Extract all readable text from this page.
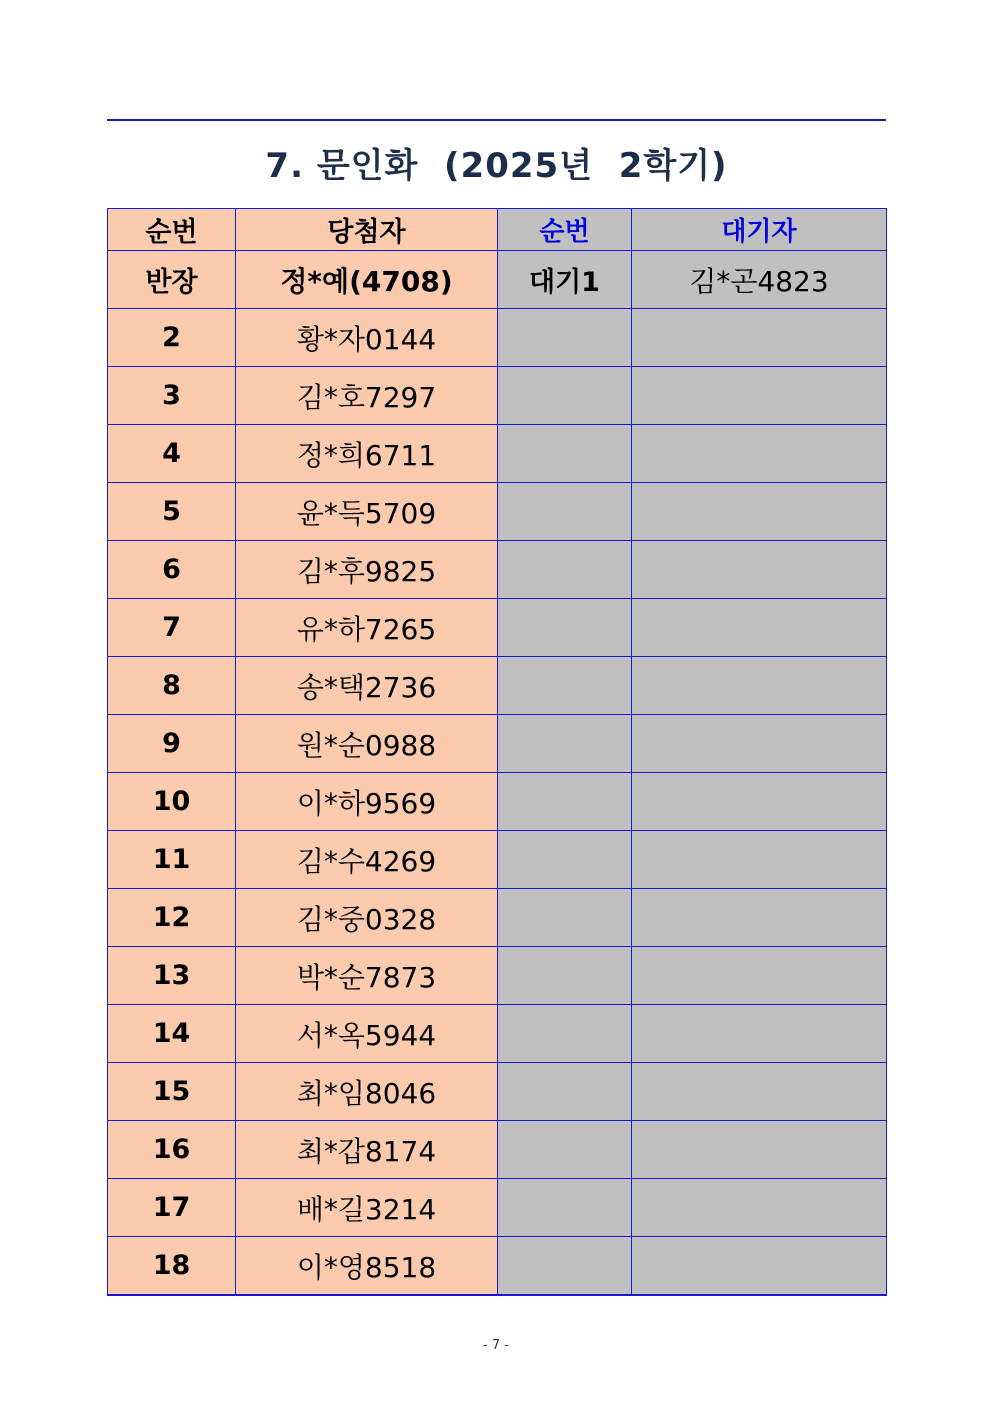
7. 문인화  (2025년  2학기)
순번	당첨자	순번	대기자
반장	정*예(4708)	대기1	김*곤4823
2	황*자0144		
3	김*호7297		
4	정*희6711		
5	윤*득5709		
6	김*후9825		
7	유*하7265		
8	송*택2736		
9	원*순0988		
10	이*하9569		
11	김*수4269		
12	김*중0328		
13	박*순7873		
14	서*옥5944		
15	최*임8046		
16	최*갑8174		
17	배*길3214		
18	이*영8518		
- 7 -
